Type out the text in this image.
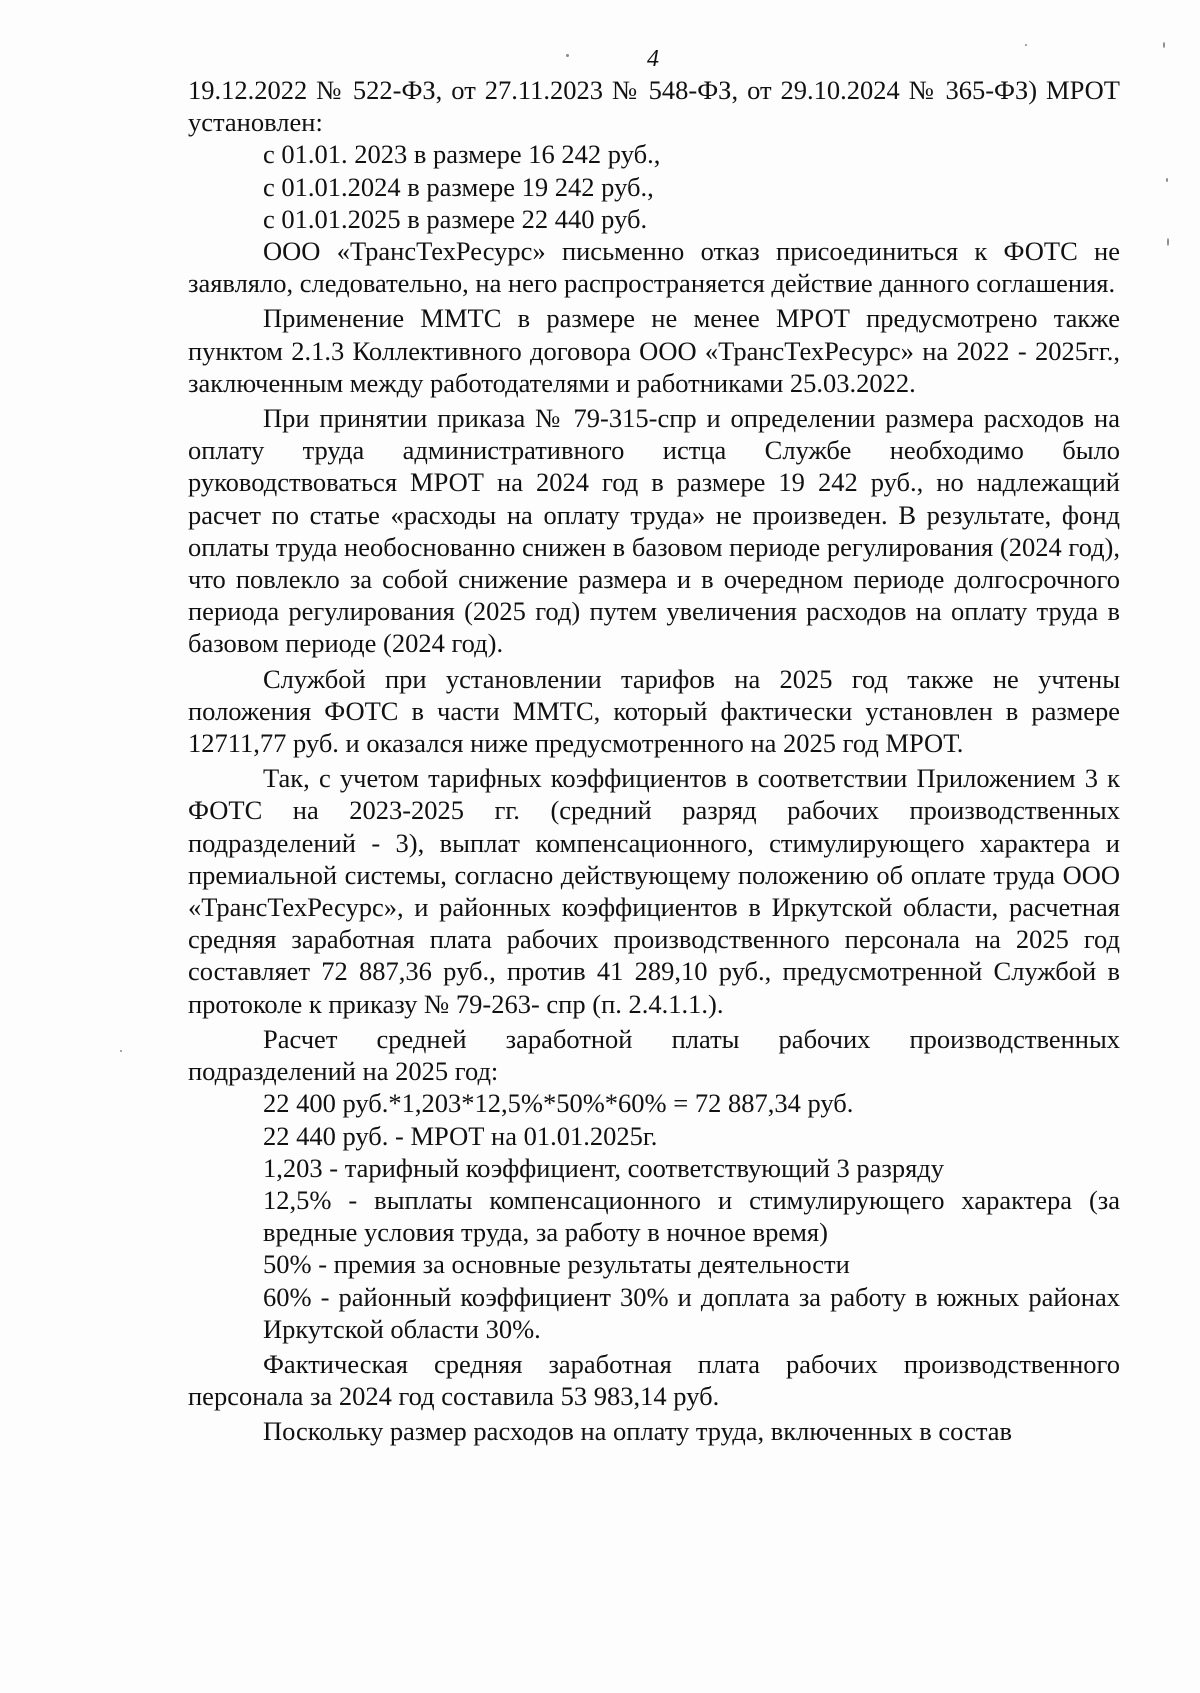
4

19.12.2022 № 522-ФЗ, от 27.11.2023 № 548-ФЗ, от 29.10.2024 № 365-ФЗ) МРОТ установлен:

с 01.01. 2023 в размере 16 242 руб.,

с 01.01.2024 в размере 19 242 руб.,

с 01.01.2025 в размере 22 440 руб.

ООО «ТрансТехРесурс» письменно отказ присоединиться к ФОТС не заявляло, следовательно, на него распространяется действие данного соглашения.

Применение ММТС в размере не менее МРОТ предусмотрено также пунктом 2.1.3 Коллективного договора ООО «ТрансТехРесурс» на 2022 - 2025гг., заключенным между работодателями и работниками 25.03.2022.

При принятии приказа № 79-315-спр и определении размера расходов на оплату труда административного истца Службе необходимо было руководствоваться МРОТ на 2024 год в размере 19 242 руб., но надлежащий расчет по статье «расходы на оплату труда» не произведен. В результате, фонд оплаты труда необоснованно снижен в базовом периоде регулирования (2024 год), что повлекло за собой снижение размера и в очередном периоде долгосрочного периода регулирования (2025 год) путем увеличения расходов на оплату труда в базовом периоде (2024 год).

Службой при установлении тарифов на 2025 год также не учтены положения ФОТС в части ММТС, который фактически установлен в размере 12711,77 руб. и оказался ниже предусмотренного на 2025 год МРОТ.

Так, с учетом тарифных коэффициентов в соответствии Приложением 3 к ФОТС на 2023-2025 гг. (средний разряд рабочих производственных подразделений - 3), выплат компенсационного, стимулирующего характера и премиальной системы, согласно действующему положению об оплате труда ООО «ТрансТехРесурс», и районных коэффициентов в Иркутской области, расчетная средняя заработная плата рабочих производственного персонала на 2025 год составляет 72 887,36 руб., против 41 289,10 руб., предусмотренной Службой в протоколе к приказу № 79-263- спр (п. 2.4.1.1.).

Расчет средней заработной платы рабочих производственных подразделений на 2025 год:

22 400 руб.*1,203*12,5%*50%*60% = 72 887,34 руб.

22 440 руб. - МРОТ на 01.01.2025г.

1,203 - тарифный коэффициент, соответствующий 3 разряду

12,5% - выплаты компенсационного и стимулирующего характера (за вредные условия труда, за работу в ночное время)

50% - премия за основные результаты деятельности

60% - районный коэффициент 30% и доплата за работу в южных районах Иркутской области 30%.

Фактическая средняя заработная плата рабочих производственного персонала за 2024 год составила 53 983,14 руб.

Поскольку размер расходов на оплату труда, включенных в состав
